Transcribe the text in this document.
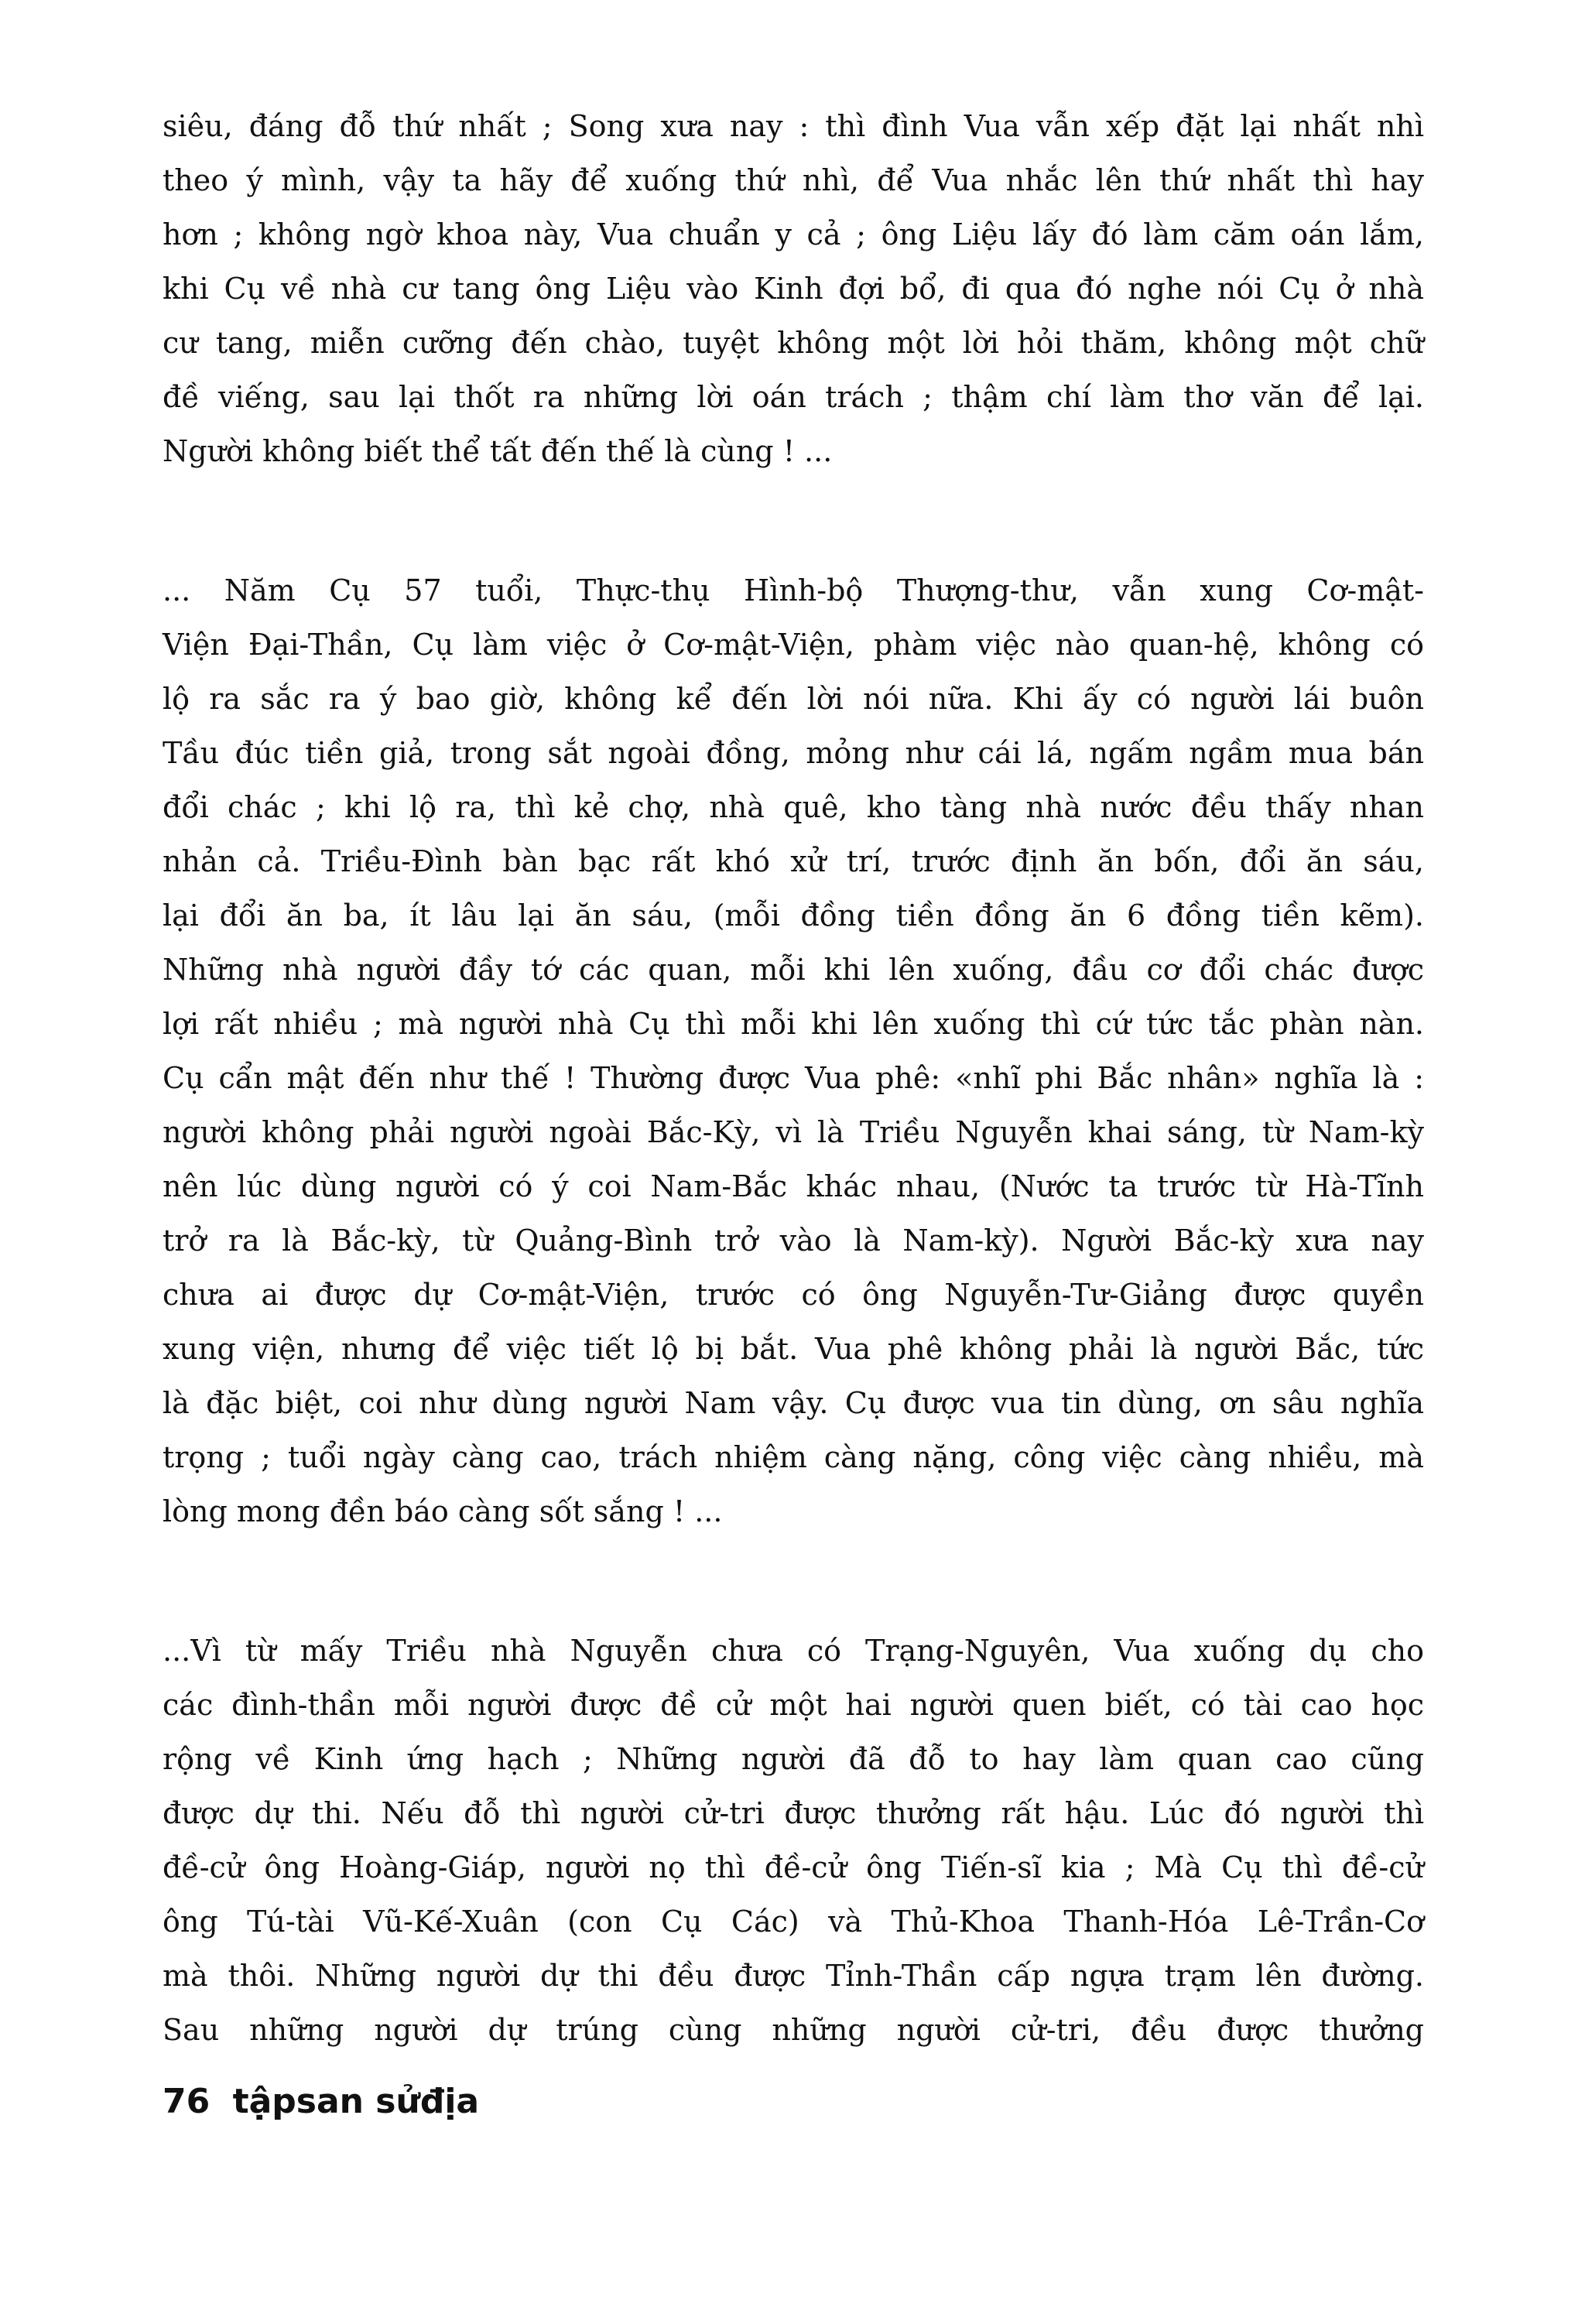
siêu, đáng đỗ thứ nhất ; Song xưa nay : thì đình Vua vẫn xếp đặt lại nhất nhì
theo ý mình, vậy ta hãy để xuống thứ nhì, để Vua nhắc lên thứ nhất thì hay
hơn ; không ngờ khoa này, Vua chuẩn y cả ; ông Liệu lấy đó làm căm oán lắm,
khi Cụ về nhà cư tang ông Liệu vào Kinh đợi bổ, đi qua đó nghe nói Cụ ở nhà
cư tang, miễn cưỡng đến chào, tuyệt không một lời hỏi thăm, không một chữ
đề viếng, sau lại thốt ra những lời oán trách ; thậm chí làm thơ văn để lại.
Người không biết thể tất đến thế là cùng ! ...
... Năm Cụ 57 tuổi, Thực-thụ Hình-bộ Thượng-thư, vẫn xung Cơ-mật-
Viện Đại-Thần, Cụ làm việc ở Cơ-mật-Viện, phàm việc nào quan-hệ, không có
lộ ra sắc ra ý bao giờ, không kể đến lời nói nữa. Khi ấy có người lái buôn
Tầu đúc tiền giả, trong sắt ngoài đồng, mỏng như cái lá, ngấm ngầm mua bán
đổi chác ; khi lộ ra, thì kẻ chợ, nhà quê, kho tàng nhà nước đều thấy nhan
nhản cả. Triều-Đình bàn bạc rất khó xử trí, trước định ăn bốn, đổi ăn sáu,
lại đổi ăn ba, ít lâu lại ăn sáu, (mỗi đồng tiền đồng ăn 6 đồng tiền kẽm).
Những nhà người đầy tớ các quan, mỗi khi lên xuống, đầu cơ đổi chác được
lợi rất nhiều ; mà người nhà Cụ thì mỗi khi lên xuống thì cứ tức tắc phàn nàn.
Cụ cẩn mật đến như thế ! Thường được Vua phê: «nhĩ phi Bắc nhân» nghĩa là :
người không phải người ngoài Bắc-Kỳ, vì là Triều Nguyễn khai sáng, từ Nam-kỳ
nên lúc dùng người có ý coi Nam-Bắc khác nhau, (Nước ta trước từ Hà-Tĩnh
trở ra là Bắc-kỳ, từ Quảng-Bình trở vào là Nam-kỳ). Người Bắc-kỳ xưa nay
chưa ai được dự Cơ-mật-Viện, trước có ông Nguyễn-Tư-Giảng được quyền
xung viện, nhưng để việc tiết lộ bị bắt. Vua phê không phải là người Bắc, tức
là đặc biệt, coi như dùng người Nam vậy. Cụ được vua tin dùng, ơn sâu nghĩa
trọng ; tuổi ngày càng cao, trách nhiệm càng nặng, công việc càng nhiều, mà
lòng mong đền báo càng sốt sắng ! ...
...Vì từ mấy Triều nhà Nguyễn chưa có Trạng-Nguyên, Vua xuống dụ cho
các đình-thần mỗi người được đề cử một hai người quen biết, có tài cao học
rộng về Kinh ứng hạch ; Những người đã đỗ to hay làm quan cao cũng
được dự thi. Nếu đỗ thì người cử-tri được thưởng rất hậu. Lúc đó người thì
đề-cử ông Hoàng-Giáp, người nọ thì đề-cử ông Tiến-sĩ kia ; Mà Cụ thì đề-cử
ông Tú-tài Vũ-Kế-Xuân (con Cụ Các) và Thủ-Khoa Thanh-Hóa Lê-Trần-Cơ
mà thôi. Những người dự thi đều được Tỉnh-Thần cấp ngựa trạm lên đường.
Sau những người dự trúng cùng những người cử-tri, đều được thưởng
76 tậpsan sửđịa
